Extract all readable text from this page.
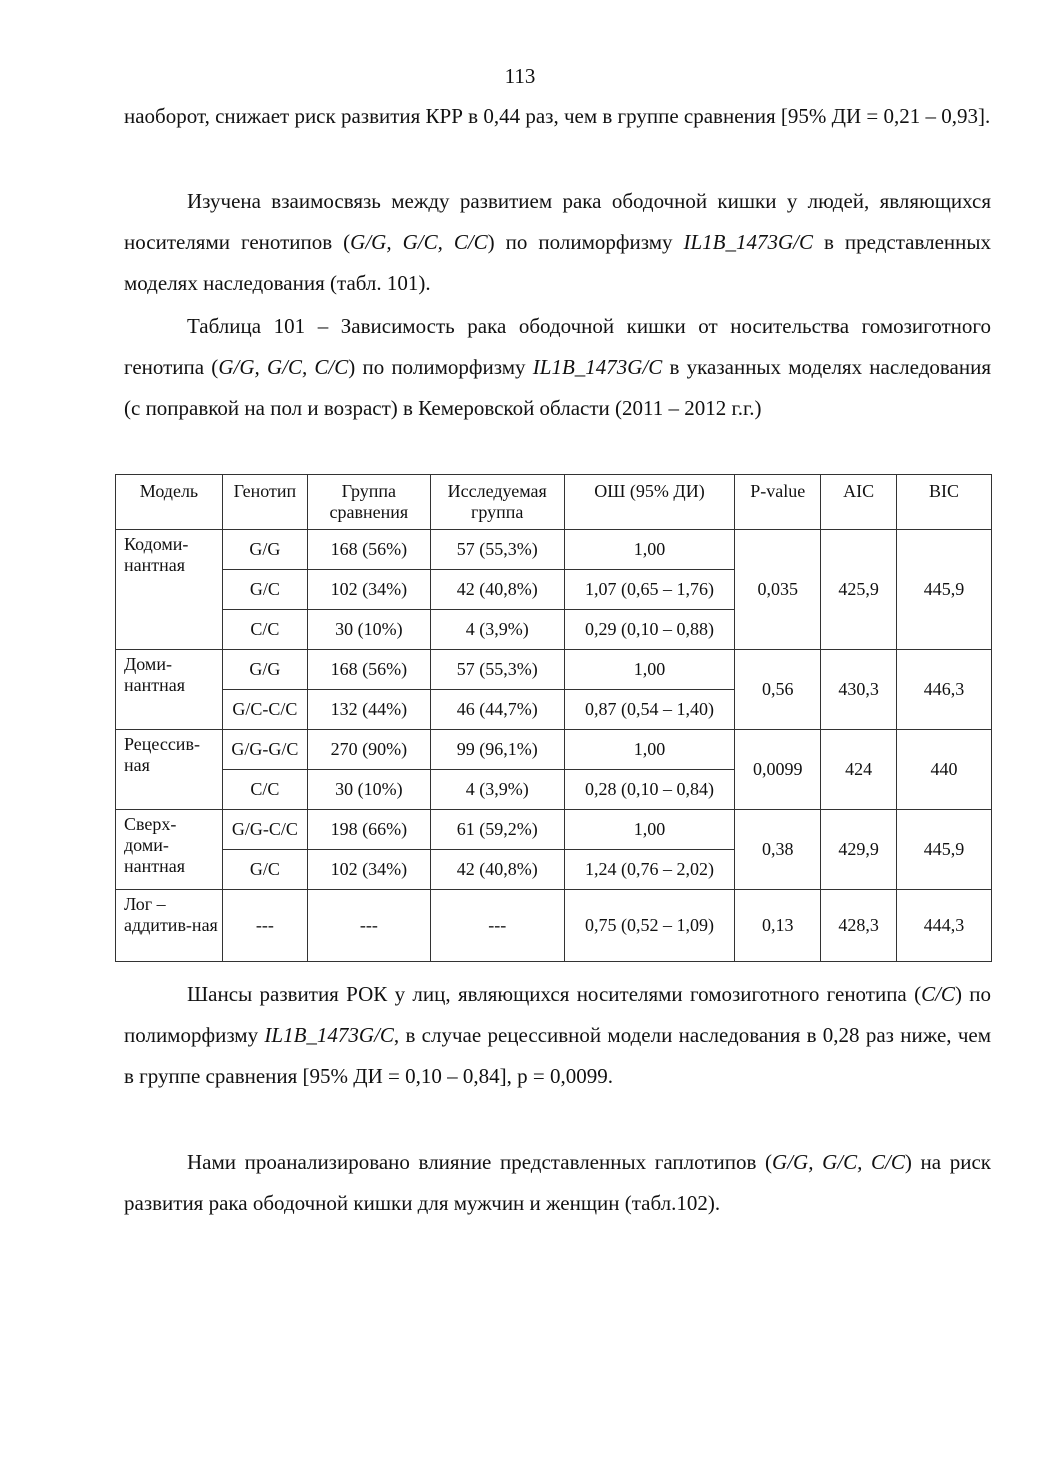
113

наоборот, снижает риск развития КРР в 0,44 раз, чем в группе сравнения [95% ДИ = 0,21 – 0,93].

Изучена взаимосвязь между развитием рака ободочной кишки у людей, являющихся носителями генотипов (G/G, G/C, C/C) по полиморфизму IL1B_1473G/C в представленных моделях наследования (табл. 101).

Таблица 101 – Зависимость рака ободочной кишки от носительства гомозиготного генотипа (G/G, G/C, C/C) по полиморфизму IL1B_1473G/C в указанных моделях наследования (с поправкой на пол и возраст) в Кемеровской области (2011 – 2012 г.г.)

Модель	Генотип	Группа сравнения	Исследуемая группа	ОШ (95% ДИ)	P-value	AIC	BIC
Кодоми-нантная	G/G	168 (56%)	57 (55,3%)	1,00	0,035	425,9	445,9
	G/C	102 (34%)	42 (40,8%)	1,07 (0,65 – 1,76)			
	C/C	30 (10%)	4 (3,9%)	0,29 (0,10 – 0,88)			
Доми-нантная	G/G	168 (56%)	57 (55,3%)	1,00	0,56	430,3	446,3
	G/C-C/C	132 (44%)	46 (44,7%)	0,87 (0,54 – 1,40)			
Рецессив-ная	G/G-G/C	270 (90%)	99 (96,1%)	1,00	0,0099	424	440
	C/C	30 (10%)	4 (3,9%)	0,28 (0,10 – 0,84)			
Сверх-доми-нантная	G/G-C/C	198 (66%)	61 (59,2%)	1,00	0,38	429,9	445,9
	G/C	102 (34%)	42 (40,8%)	1,24 (0,76 – 2,02)			
Лог – аддитив-ная	---	---	---	0,75 (0,52 – 1,09)	0,13	428,3	444,3

Шансы развития РОК у лиц, являющихся носителями гомозиготного генотипа (C/C) по полиморфизму IL1B_1473G/C, в случае рецессивной модели наследования в 0,28 раз ниже, чем в группе сравнения [95% ДИ = 0,10 – 0,84], p = 0,0099.

Нами проанализировано влияние представленных гаплотипов (G/G, G/C, C/C) на риск развития рака ободочной кишки для мужчин и женщин (табл.102).
